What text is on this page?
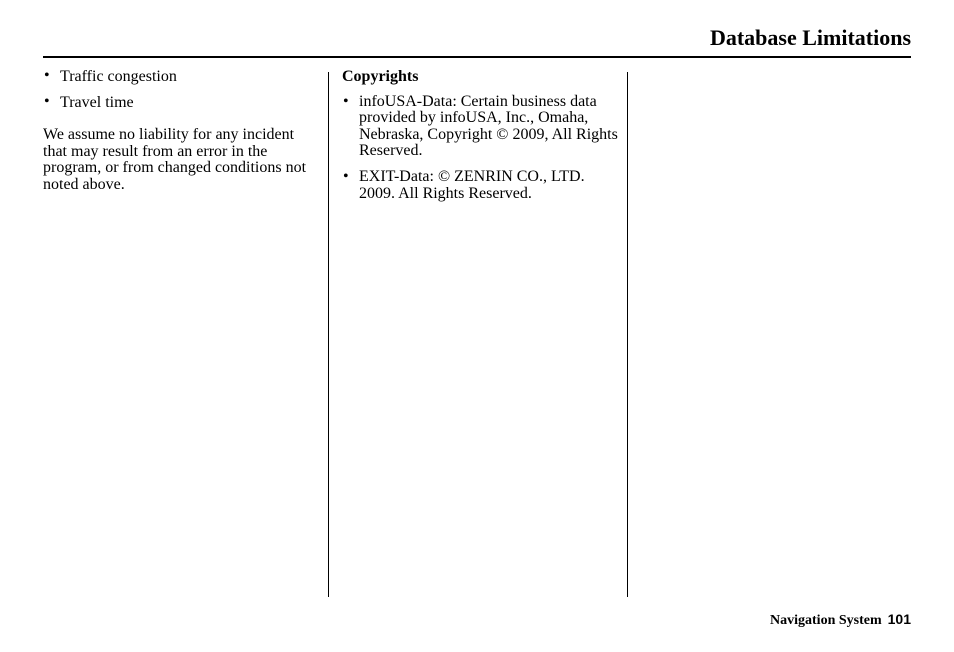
Database Limitations
• Traffic congestion
• Travel time

We assume no liability for any incident that may result from an error in the program, or from changed conditions not noted above.

Copyrights
• infoUSA-Data: Certain business data provided by infoUSA, Inc., Omaha, Nebraska, Copyright © 2009, All Rights Reserved.
• EXIT-Data: © ZENRIN CO., LTD. 2009. All Rights Reserved.
Navigation System 101
